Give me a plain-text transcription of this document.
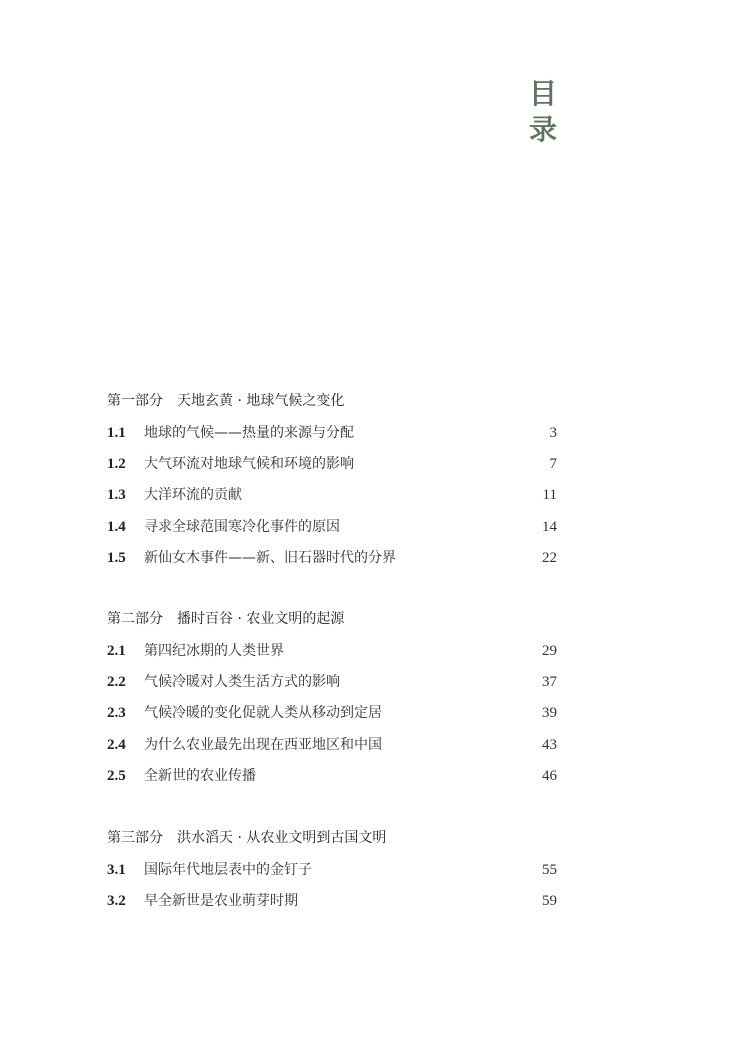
目
录
第一部分 天地玄黄 · 地球气候之变化
1.1 地球的气候——热量的来源与分配	3
1.2 大气环流对地球气候和环境的影响	7
1.3 大洋环流的贡献	11
1.4 寻求全球范围寒冷化事件的原因	14
1.5 新仙女木事件——新、旧石器时代的分界	22
第二部分 播时百谷 · 农业文明的起源
2.1 第四纪冰期的人类世界	29
2.2 气候冷暖对人类生活方式的影响	37
2.3 气候冷暖的变化促就人类从移动到定居	39
2.4 为什么农业最先出现在西亚地区和中国	43
2.5 全新世的农业传播	46
第三部分 洪水滔天 · 从农业文明到古国文明
3.1 国际年代地层表中的金钉子	55
3.2 早全新世是农业萌芽时期	59
